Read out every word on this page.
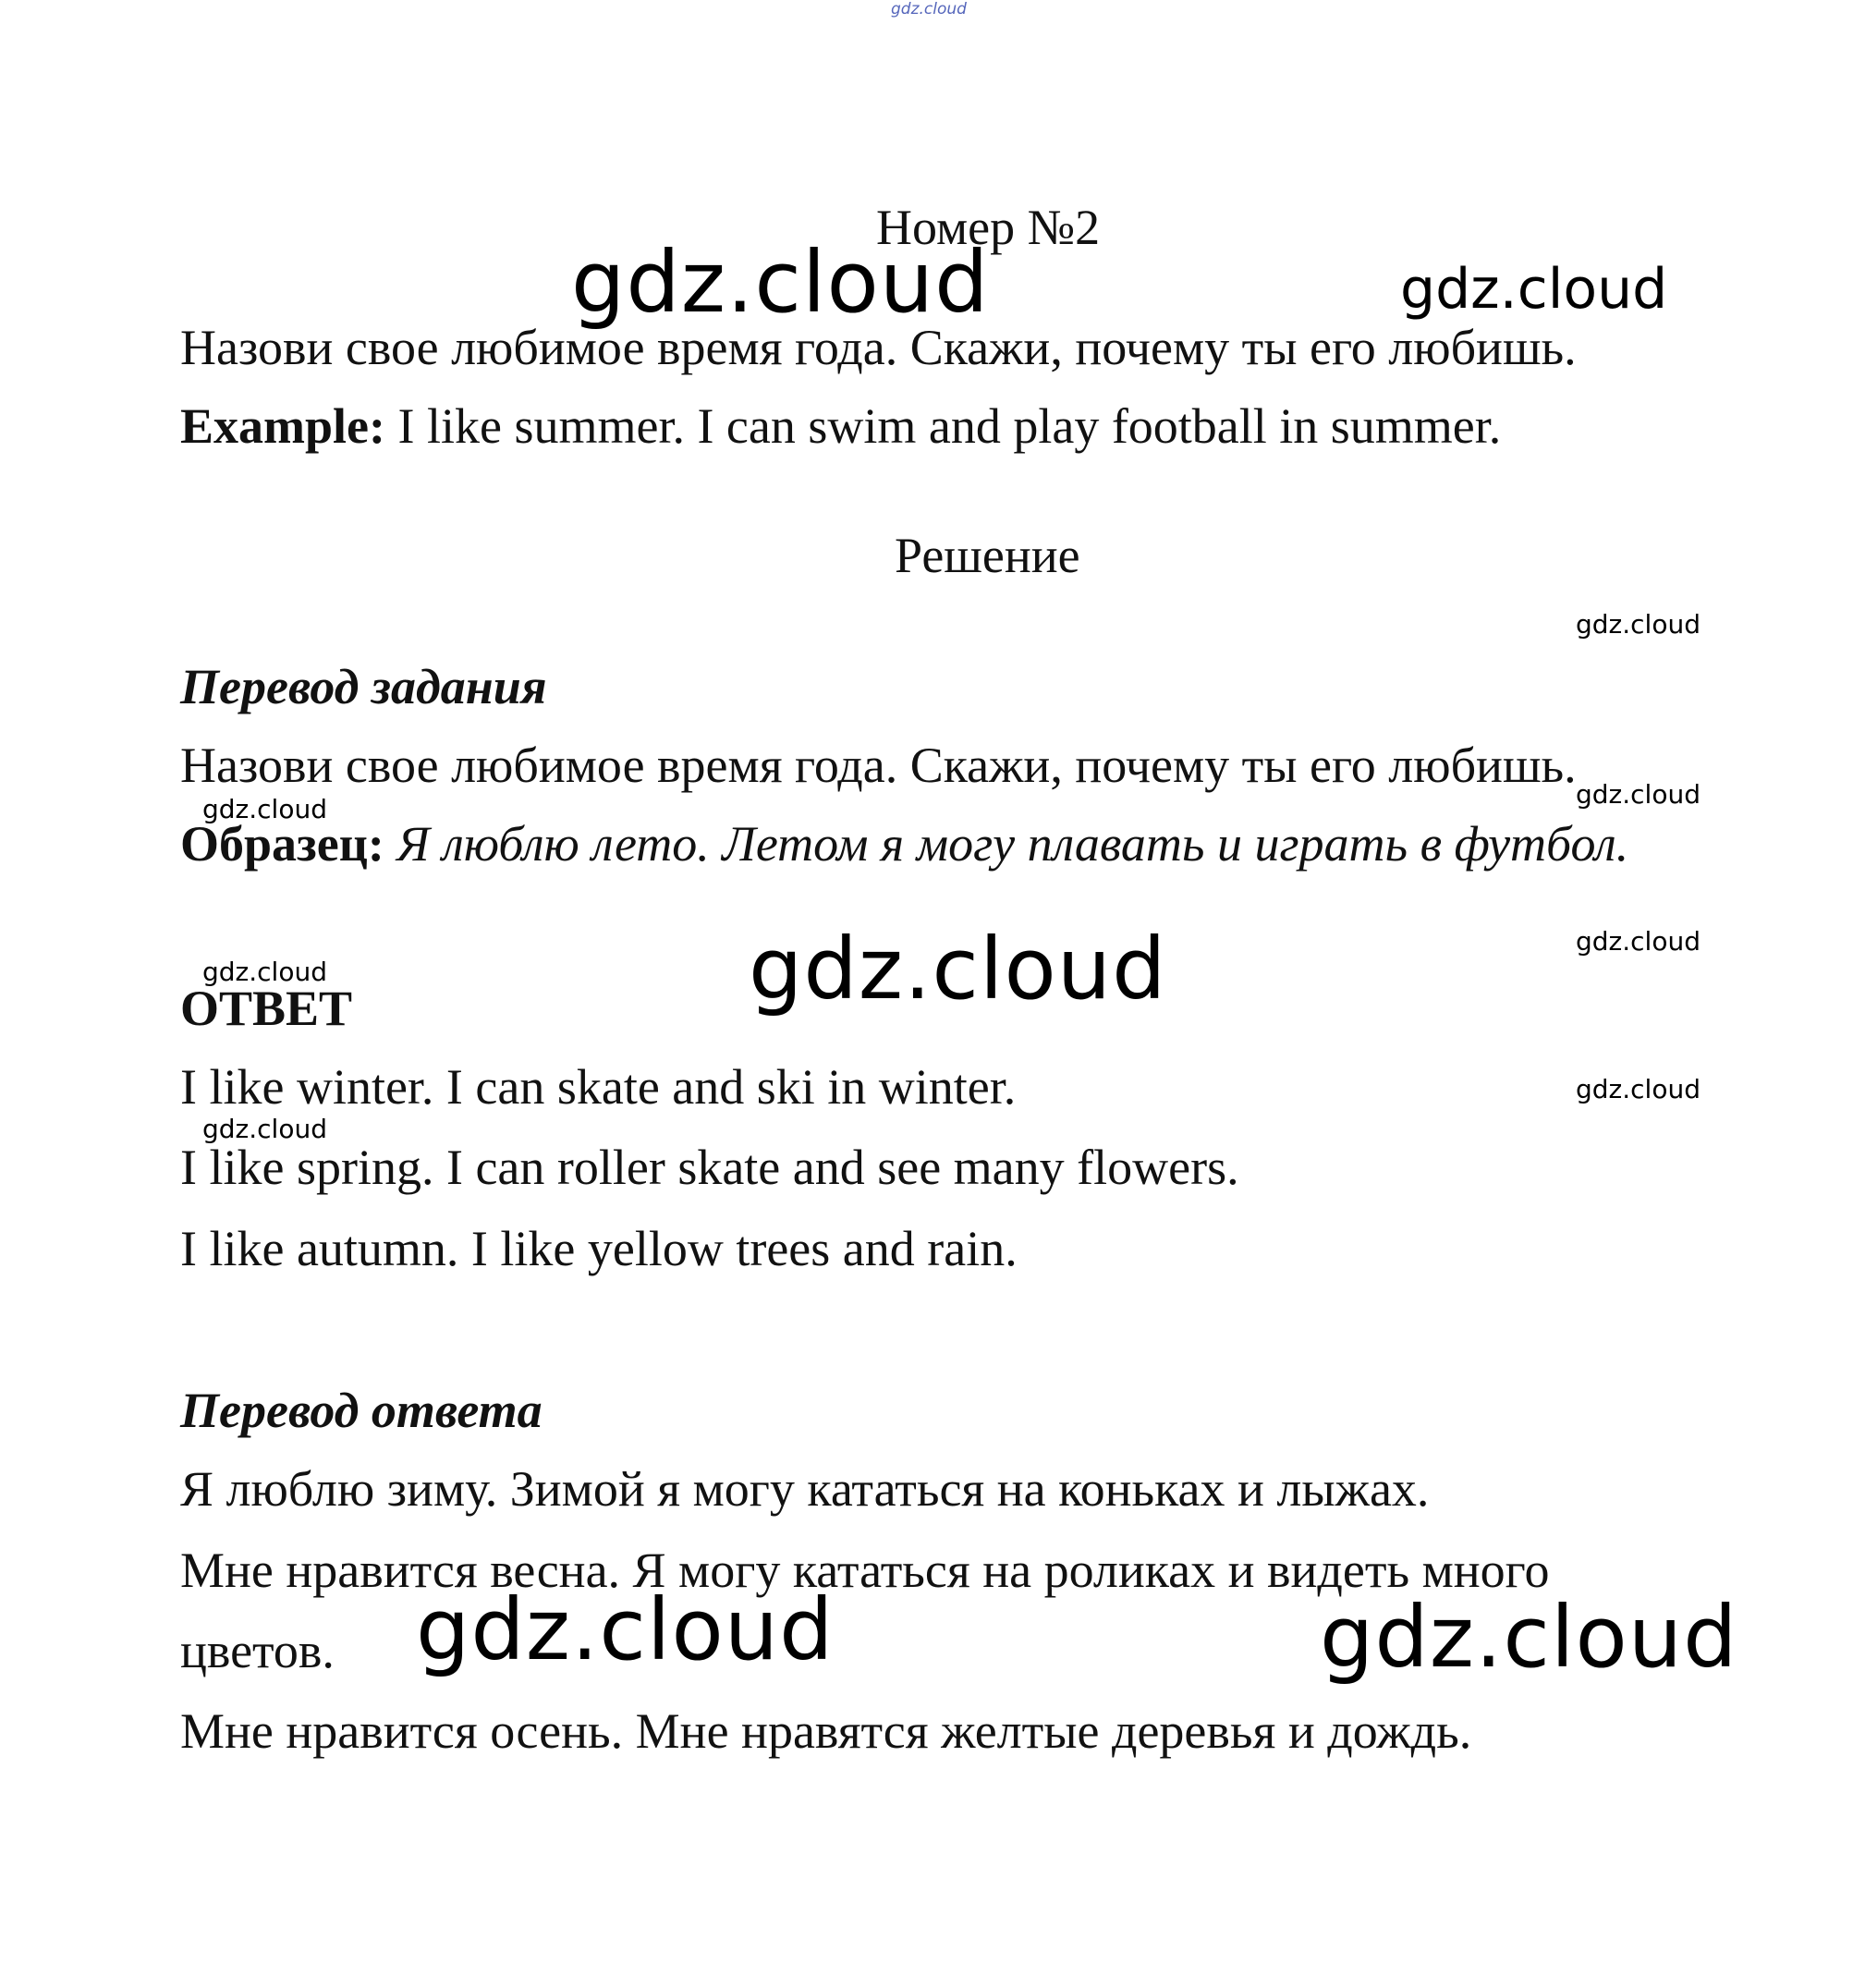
gdz.cloud
Номер №2
gdz.cloud	gdz.cloud
Назови свое любимое время года. Скажи, почему ты его любишь.
Example: I like summer. I can swim and play football in summer.
Решение
gdz.cloud
Перевод задания
Назови свое любимое время года. Скажи, почему ты его любишь.
gdz.cloud	gdz.cloud
Образец: Я люблю лето. Летом я могу плавать и играть в футбол.
gdz.cloud
gdz.cloud	gdz.cloud
ОТВЕТ
I like winter. I can skate and ski in winter.	gdz.cloud
gdz.cloud
I like spring. I can roller skate and see many flowers.
I like autumn. I like yellow trees and rain.
Перевод ответа
Я люблю зиму. Зимой я могу кататься на коньках и лыжах.
Мне нравится весна. Я могу кататься на роликах и видеть много
цветов. gdz.cloud	gdz.cloud
Мне нравится осень. Мне нравятся желтые деревья и дождь.
